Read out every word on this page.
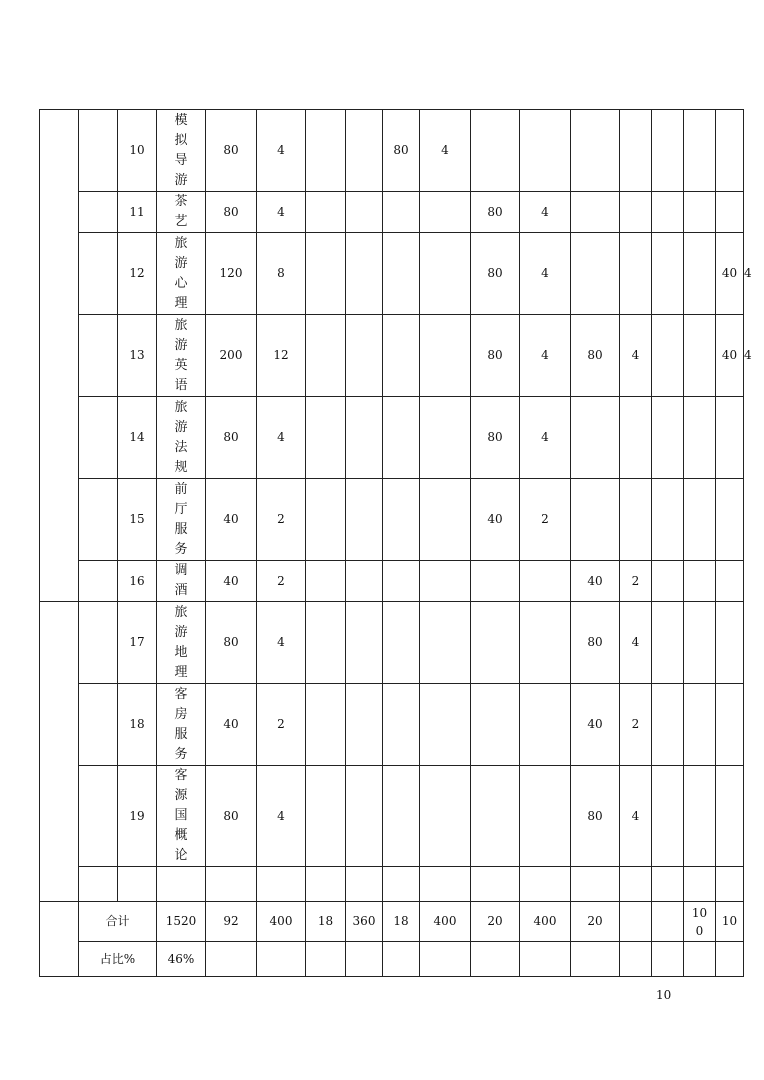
		10	模拟导游	80	4			80	4								
		11	茶艺	80	4					80	4						
		12	旅游心理	120	8					80	4					40	4
		13	旅游英语	200	12					80	4	80	4			40	4
		14	旅游法规	80	4					80	4						
		15	前厅服务	40	2					40	2						
		16	调酒	40	2							40	2				
		17	旅游地理	80	4							80	4				
		18	客房服务	40	2							40	2				
		19	客源国概论	80	4							80	4				

	合计		1520	92	400	18	360	18	400	20	400	20			100	10	
	占比%		46%														
10
